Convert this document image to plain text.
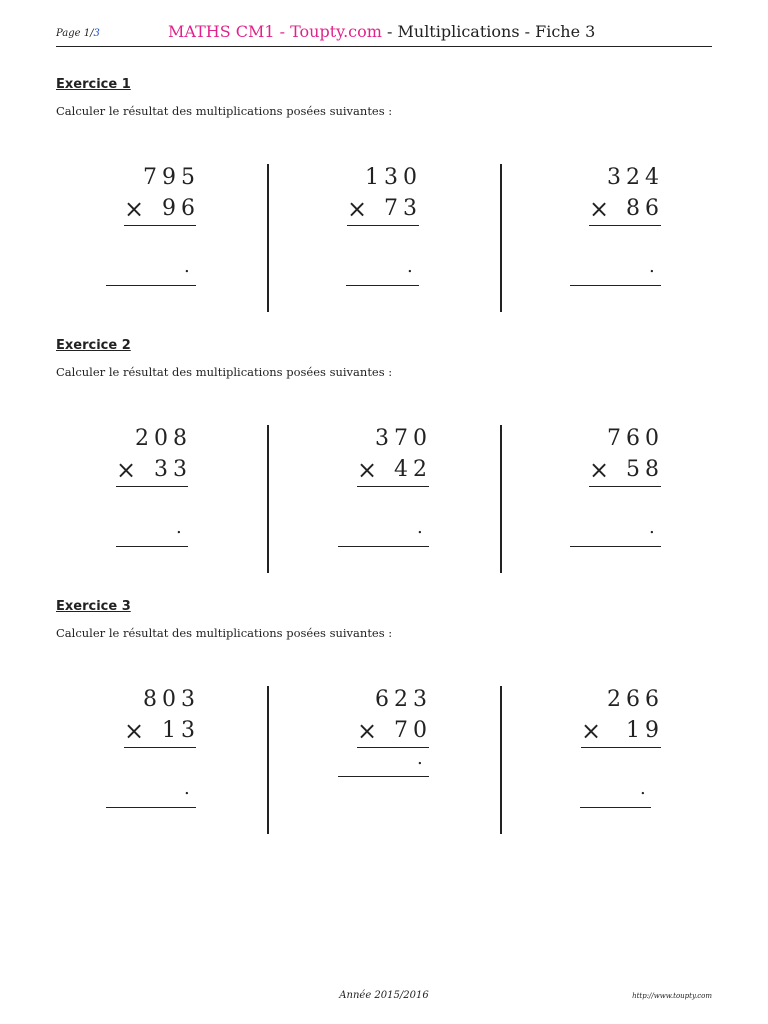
Page 1/3	MATHS CM1 - Toupty.com - Multiplications - Fiche 3
Exercice 1
Calculer le résultat des multiplications posées suivantes :
795
× 96
.
130
× 73
.
324
× 86
.
Exercice 2
Calculer le résultat des multiplications posées suivantes :
208
× 33
.
370
× 42
.
760
× 58
.
Exercice 3
Calculer le résultat des multiplications posées suivantes :
803
× 13
.
623
× 70
.
266
× 19
.
Année 2015/2016	http://www.toupty.com
